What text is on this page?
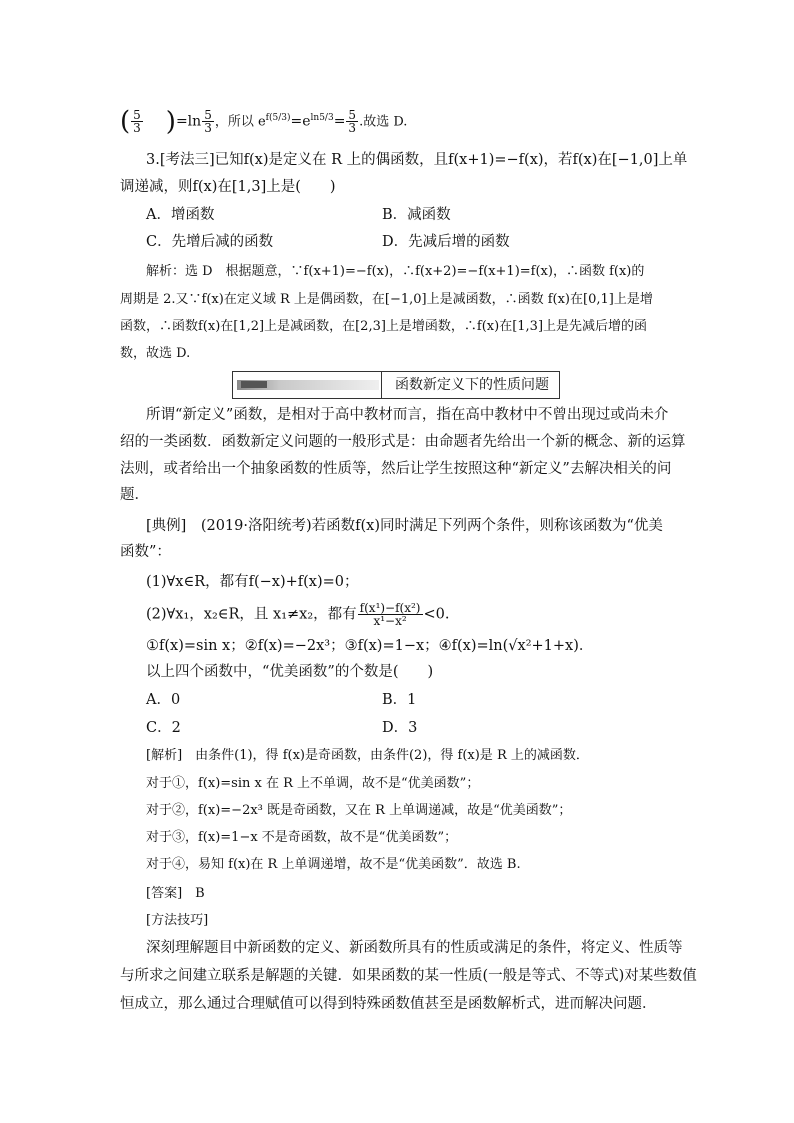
( $\frac{5}{3} )=\ln \frac{5}{3}$ ，所以 $e^{f(5/3)}=e^{ln5/3}= \frac{5}{3}$ .故选 D.
3.[考法三]已知f(x)是定义在 R 上的偶函数，且f(x+1)=−f(x)，若f(x)在[−1,0]上单
调递减，则f(x)在[1,3]上是(　　)
A．增函数	B．减函数
C．先增后减的函数	D．先减后增的函数
解析：选 D　根据题意，∵f(x+1)=−f(x)，∴f(x+2)=−f(x+1)=f(x)，∴函数 f(x)的
周期是 2.又∵f(x)在定义域 R 上是偶函数，在[−1,0]上是减函数，∴函数 f(x)在[0,1]上是增
函数，∴函数f(x)在[1,2]上是减函数，在[2,3]上是增函数，∴f(x)在[1,3]上是先减后增的函
数，故选 D.
函数新定义下的性质问题
所谓“新定义”函数，是相对于高中教材而言，指在高中教材中不曾出现过或尚未介
绍的一类函数．函数新定义问题的一般形式是：由命题者先给出一个新的概念、新的运算
法则，或者给出一个抽象函数的性质等，然后让学生按照这种“新定义”去解决相关的问
题．
[典例]　(2019·洛阳统考)若函数f(x)同时满足下列两个条件，则称该函数为“优美
函数”：
(1)∀x∈R，都有f(−x)+f(x)=0；
(2)∀x₁，x₂∈R，且 x₁≠x₂，都有 $\frac{\text{f(x¹)−f(x²)}}{\text{x¹−x²}} <0$.
①f(x)=sin x；②f(x)=−2x³；③f(x)=1−x；④f(x)=ln(√x²+1+x)．
以上四个函数中，“优美函数”的个数是(　　)
A．0	B．1
C．2	D．3
[解析]　由条件(1)，得 f(x)是奇函数，由条件(2)，得 f(x)是 R 上的减函数．
对于①，f(x)=sin x 在 R 上不单调，故不是“优美函数”；
对于②，f(x)=−2x³ 既是奇函数，又在 R 上单调递减，故是“优美函数”；
对于③，f(x)=1−x 不是奇函数，故不是“优美函数”；
对于④，易知 f(x)在 R 上单调递增，故不是“优美函数”．故选 B.
[答案]　B
[方法技巧]
深刻理解题目中新函数的定义、新函数所具有的性质或满足的条件，将定义、性质等
与所求之间建立联系是解题的关键．如果函数的某一性质(一般是等式、不等式)对某些数值
恒成立，那么通过合理赋值可以得到特殊函数值甚至是函数解析式，进而解决问题．
